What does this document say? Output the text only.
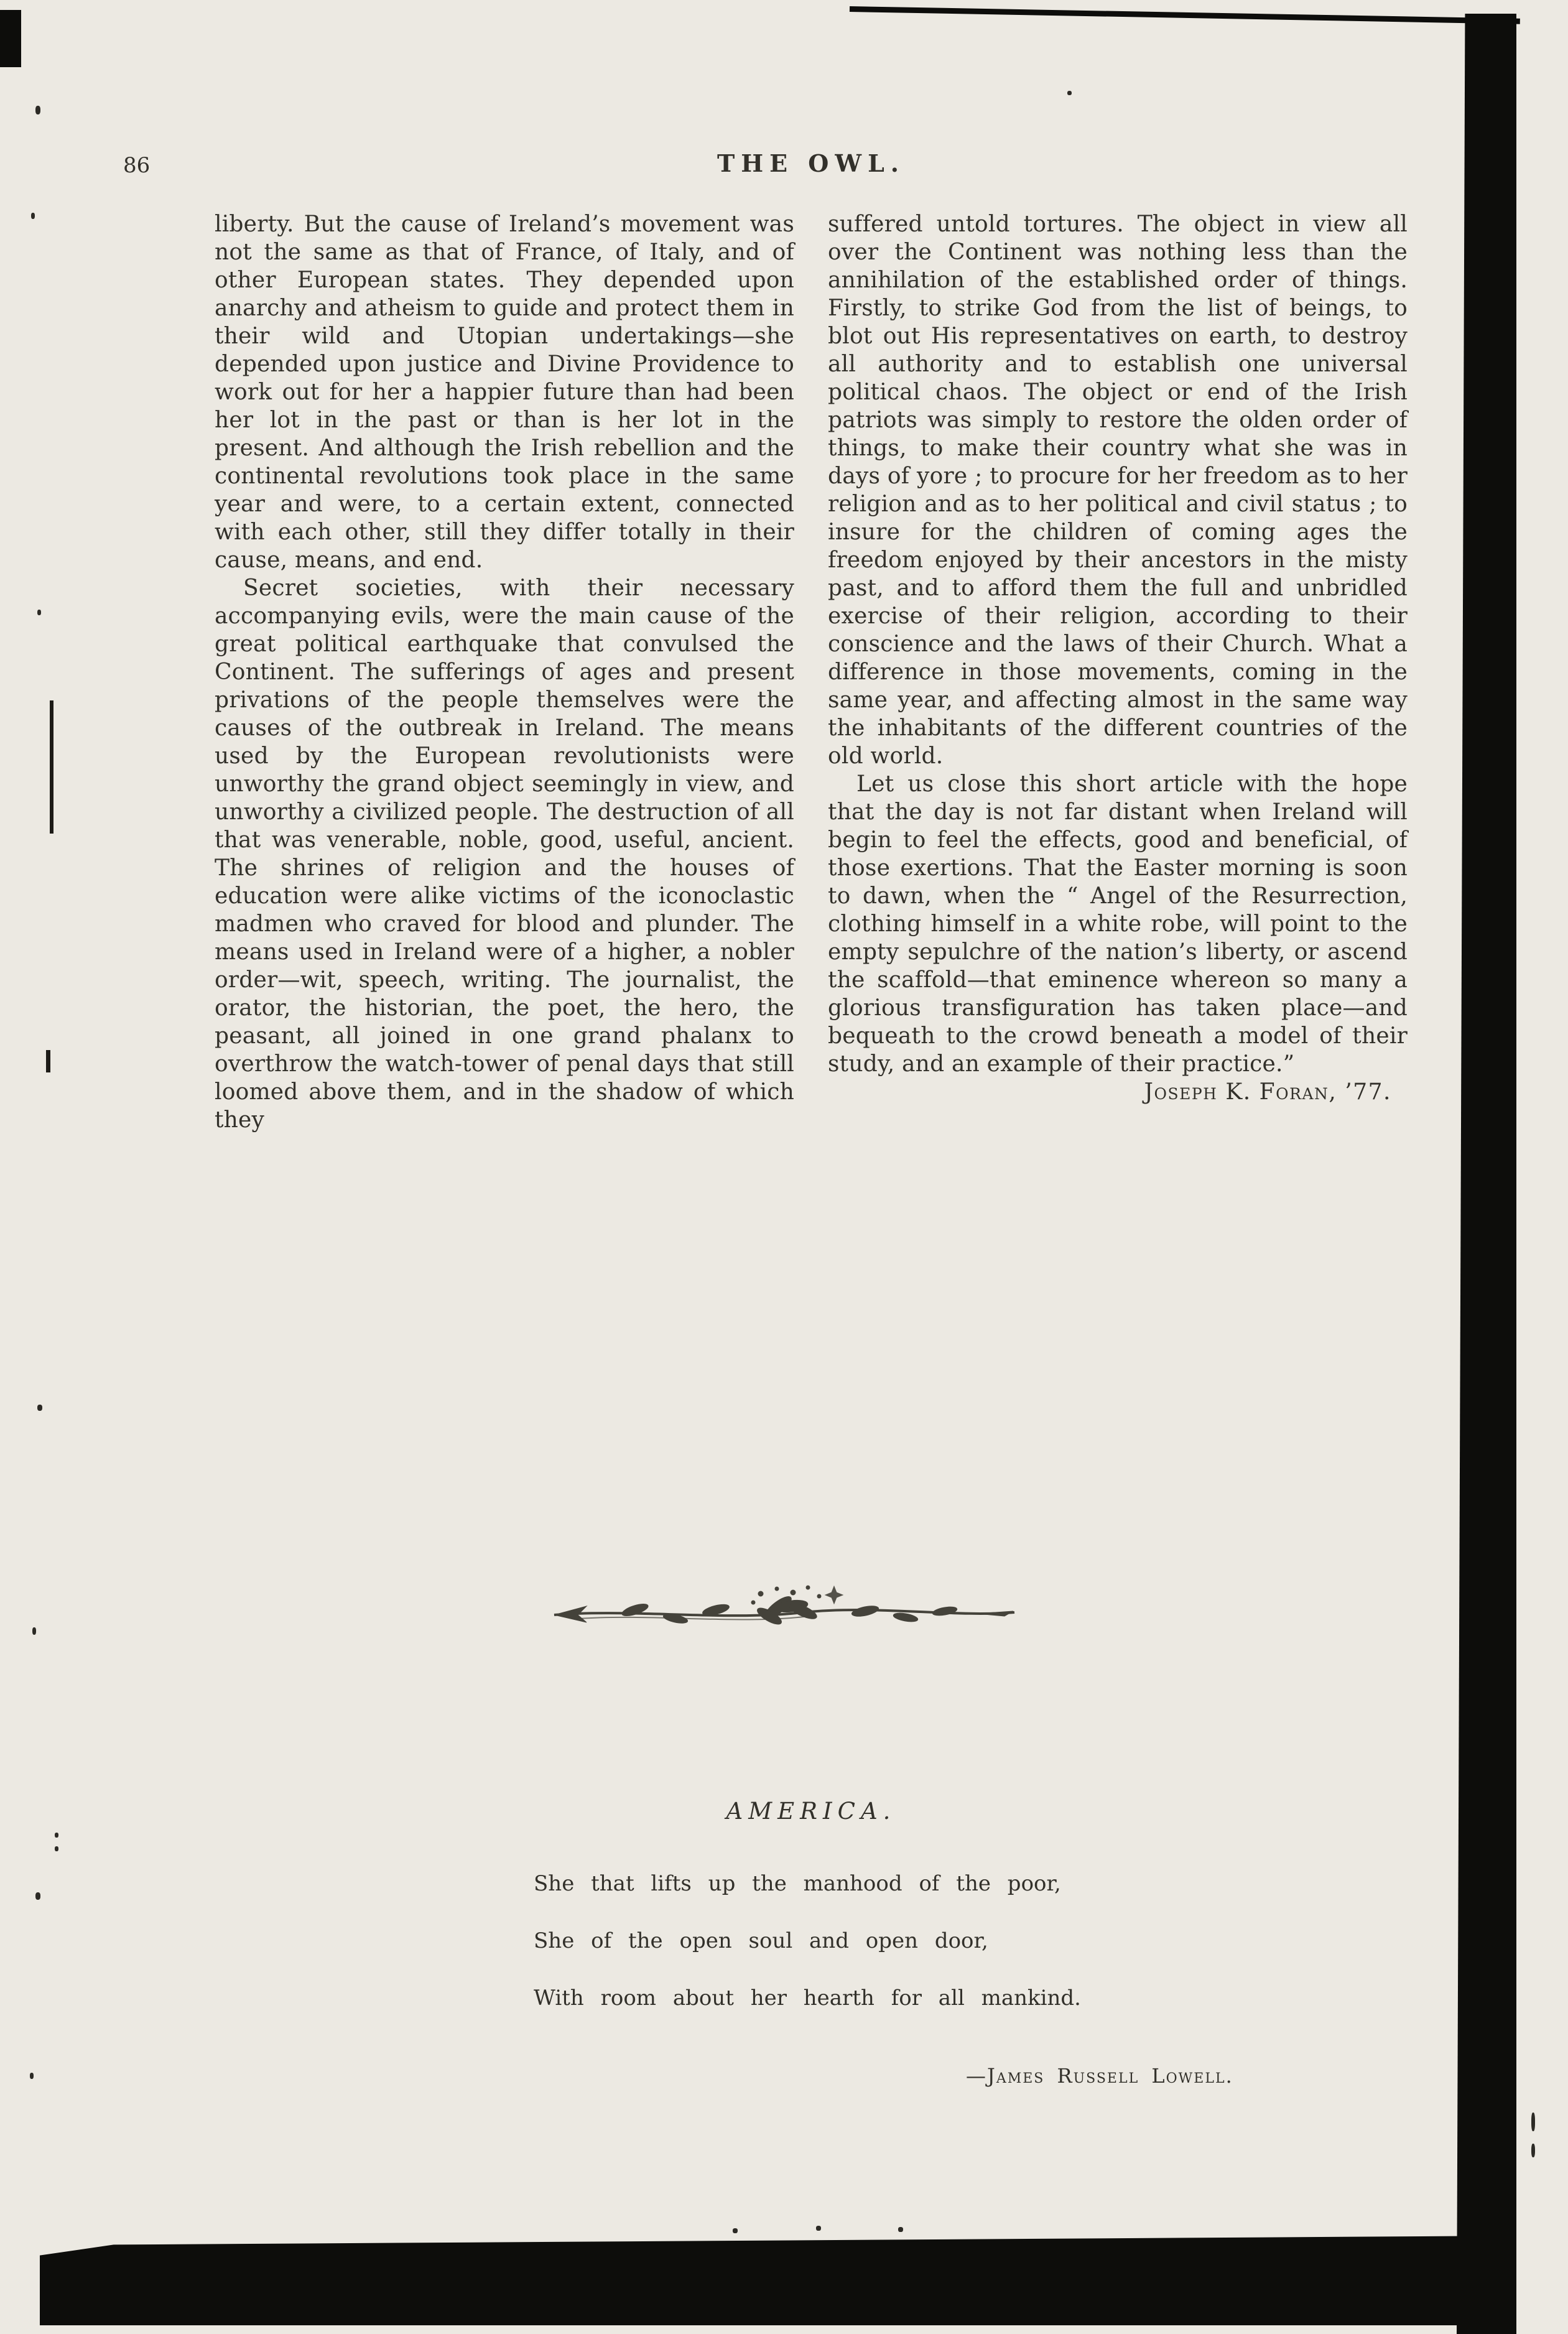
86	THE OWL.

liberty. But the cause of Ireland’s movement was not the same as that of France, of Italy, and of other European states. They depended upon anarchy and atheism to guide and protect them in their wild and Utopian undertakings—she depended upon justice and Divine Providence to work out for her a happier future than had been her lot in the past or than is her lot in the present. And although the Irish rebellion and the continental revolutions took place in the same year and were, to a certain extent, connected with each other, still they differ totally in their cause, means, and end.

Secret societies, with their necessary accompanying evils, were the main cause of the great political earthquake that convulsed the Continent. The sufferings of ages and present privations of the people themselves were the causes of the outbreak in Ireland. The means used by the European revolutionists were unworthy the grand object seemingly in view, and unworthy a civilized people. The destruction of all that was venerable, noble, good, useful, ancient. The shrines of religion and the houses of education were alike victims of the iconoclastic madmen who craved for blood and plunder. The means used in Ireland were of a higher, a nobler order—wit, speech, writing. The journalist, the orator, the historian, the poet, the hero, the peasant, all joined in one grand phalanx to overthrow the watch-tower of penal days that still loomed above them, and in the shadow of which they

suffered untold tortures. The object in view all over the Continent was nothing less than the annihilation of the established order of things. Firstly, to strike God from the list of beings, to blot out His representatives on earth, to destroy all authority and to establish one universal political chaos. The object or end of the Irish patriots was simply to restore the olden order of things, to make their country what she was in days of yore ; to procure for her freedom as to her religion and as to her political and civil status ; to insure for the children of coming ages the freedom enjoyed by their ancestors in the misty past, and to afford them the full and unbridled exercise of their religion, according to their conscience and the laws of their Church. What a difference in those movements, coming in the same year, and affecting almost in the same way the inhabitants of the different countries of the old world.

Let us close this short article with the hope that the day is not far distant when Ireland will begin to feel the effects, good and beneficial, of those exertions. That the Easter morning is soon to dawn, when the “ Angel of the Resurrection, clothing himself in a white robe, will point to the empty sepulchre of the nation’s liberty, or ascend the scaffold—that eminence whereon so many a glorious transfiguration has taken place—and bequeath to the crowd beneath a model of their study, and an example of their practice.”

Joseph K. Foran, ’77.

AMERICA.
She that lifts up the manhood of the poor,
She of the open soul and open door,
With room about her hearth for all mankind.
—James Russell Lowell.
